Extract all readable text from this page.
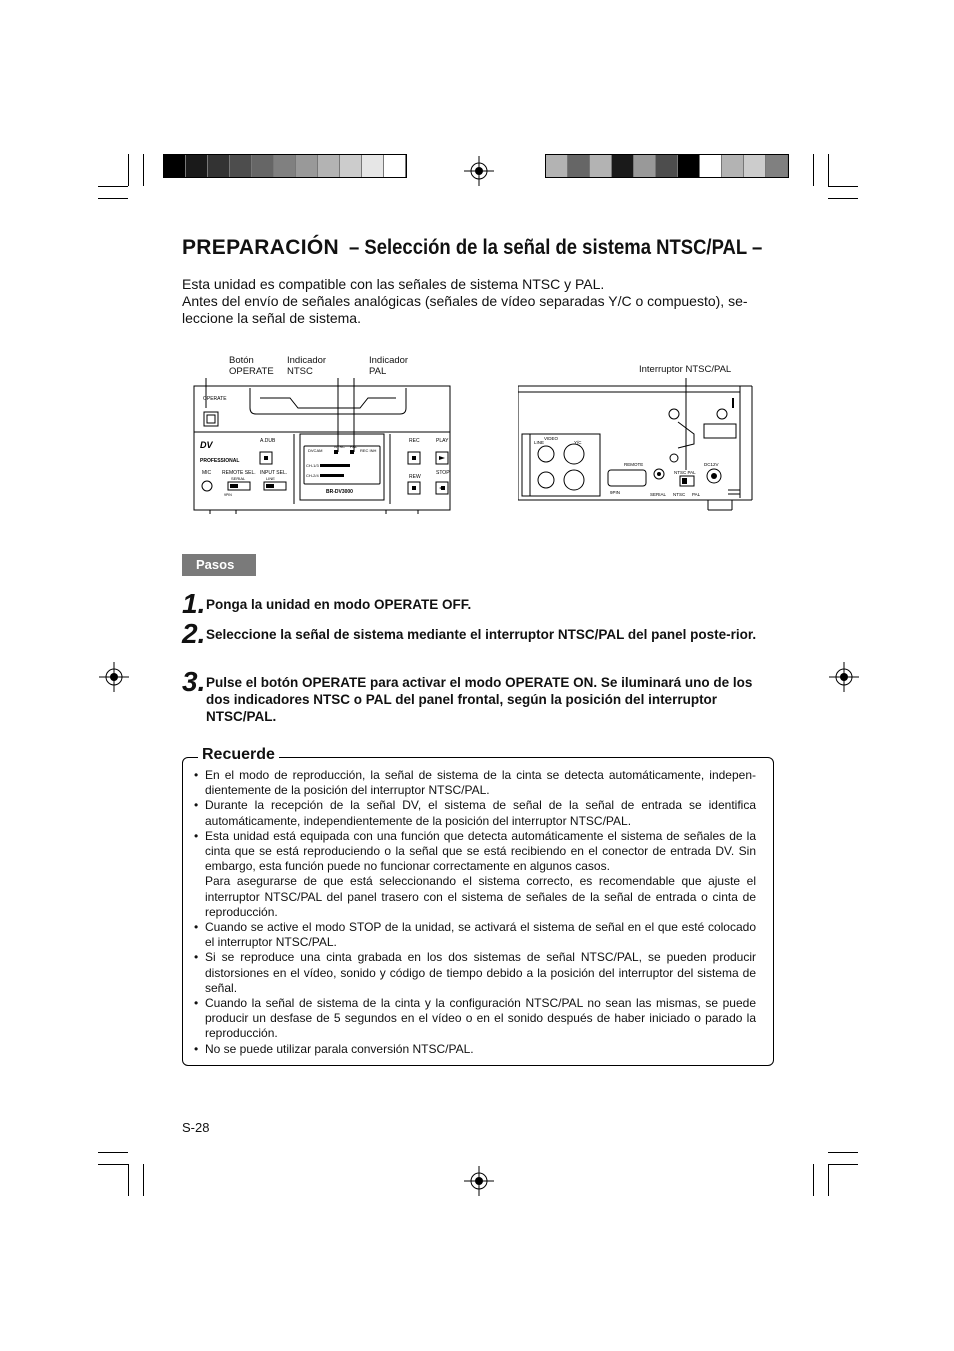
PREPARACIÓN – Selección de la señal de sistema NTSC/PAL –

Esta unidad es compatible con las señales de sistema NTSC y PAL.

Antes del envío de señales analógicas (señales de vídeo separadas Y/C o compuesto), se-leccione la señal de sistema.

Botón
OPERATE
Indicador
NTSC
Indicador
PAL	Interruptor NTSC/PAL
OPERATE
A.DUB
MIC REMOTE SEL. INPUT SEL.
PROFESSIONAL
DV
DVCAM
NTSC PAL
REC INH
CH-1/3
CH-2/4
BR-DV3000
REC	PLAY
REW
STOP
LINE
SERIAL
9PIN
LINE
VIDEO
Y/C
REMOTE
9PIN	SERIAL
NTSC PAL
NTSC PAL
DC12V
Pasos
1. Ponga la unidad en modo OPERATE OFF.
2. Seleccione la señal de sistema mediante el interruptor NTSC/PAL del panel poste-rior.
3. Pulse el botón OPERATE para activar el modo OPERATE ON. Se iluminará uno de los dos indicadores NTSC o PAL del panel frontal, según la posición del interruptor NTSC/PAL.
Recuerde

• En el modo de reproducción, la señal de sistema de la cinta se detecta automáticamente, indepen-dientemente de la posición del interruptor NTSC/PAL.

• Durante la recepción de la señal DV, el sistema de señal de la señal de entrada se identifica automáticamente, independientemente de la posición del interruptor NTSC/PAL.

• Esta unidad está equipada con una función que detecta automáticamente el sistema de señales de la cinta que se está reproduciendo o la señal que se está recibiendo en el conector de entrada DV. Sin embargo, esta función puede no funcionar correctamente en algunos casos.

Para asegurarse de que está seleccionando el sistema correcto, es recomendable que ajuste el interruptor NTSC/PAL del panel trasero con el sistema de señales de la señal de entrada o cinta de reproducción.

• Cuando se active el modo STOP de la unidad, se activará el sistema de señal en el que esté colocado el interruptor NTSC/PAL.

• Si se reproduce una cinta grabada en los dos sistemas de señal NTSC/PAL, se pueden producir distorsiones en el vídeo, sonido y código de tiempo debido a la posición del interruptor del sistema de señal.

• Cuando la señal de sistema de la cinta y la configuración NTSC/PAL no sean las mismas, se puede producir un desfase de 5 segundos en el vídeo o en el sonido después de haber iniciado o parado la reproducción.

• No se puede utilizar parala conversión NTSC/PAL.

S-28
